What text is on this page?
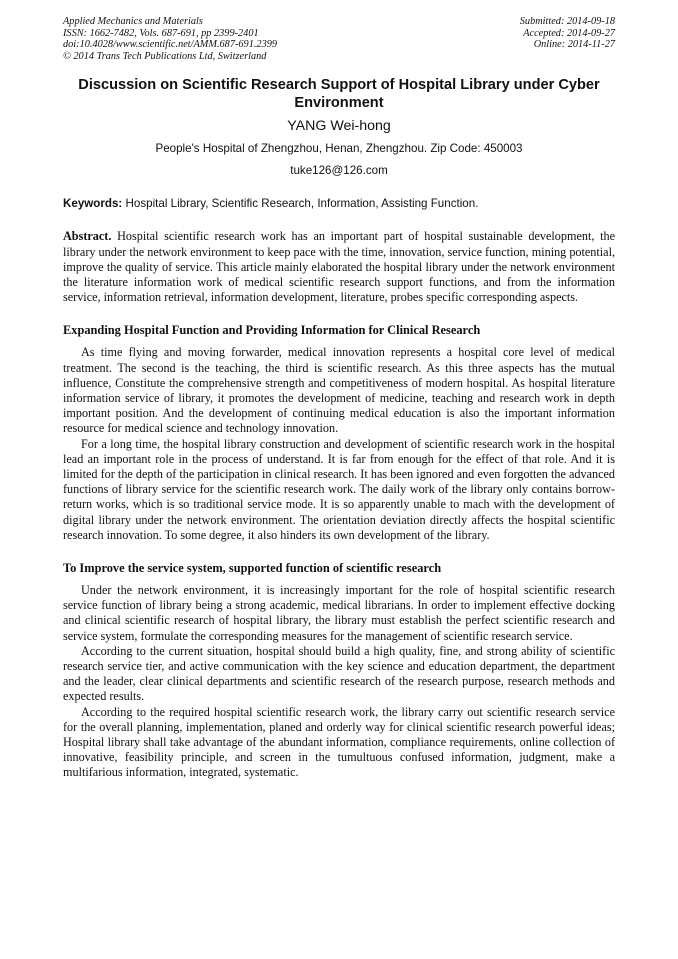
Applied Mechanics and Materials
ISSN: 1662-7482, Vols. 687-691, pp 2399-2401
doi:10.4028/www.scientific.net/AMM.687-691.2399
© 2014 Trans Tech Publications Ltd, Switzerland
Submitted: 2014-09-18
Accepted: 2014-09-27
Online: 2014-11-27
Discussion on Scientific Research Support of Hospital Library under Cyber Environment
YANG Wei-hong
People's Hospital of Zhengzhou, Henan, Zhengzhou. Zip Code: 450003
tuke126@126.com
Keywords: Hospital Library, Scientific Research, Information, Assisting Function.
Abstract. Hospital scientific research work has an important part of hospital sustainable development, the library under the network environment to keep pace with the time, innovation, service function, mining potential, improve the quality of service. This article mainly elaborated the hospital library under the network environment the literature information work of medical scientific research support functions, and from the information service, information retrieval, information development, literature, probes specific corresponding aspects.
Expanding Hospital Function and Providing Information for Clinical Research

As time flying and moving forwarder, medical innovation represents a hospital core level of medical treatment. The second is the teaching, the third is scientific research. As this three aspects has the mutual influence, Constitute the comprehensive strength and competitiveness of modern hospital. As hospital literature information service of library, it promotes the development of medicine, teaching and research work in depth important position. And the development of continuing medical education is also the important information resource for medical science and technology innovation.

For a long time, the hospital library construction and development of scientific research work in the hospital lead an important role in the process of understand. It is far from enough for the effect of that role. And it is limited for the depth of the participation in clinical research. It has been ignored and even forgotten the advanced functions of library service for the scientific research work. The daily work of the library only contains borrow-return works, which is so traditional service mode. It is so apparently unable to mach with the development of digital library under the network environment. The orientation deviation directly affects the hospital scientific research innovation. To some degree, it also hinders its own development of the library.

To Improve the service system, supported function of scientific research

Under the network environment, it is increasingly important for the role of hospital scientific research service function of library being a strong academic, medical librarians. In order to implement effective docking and clinical scientific research of hospital library, the library must establish the perfect scientific research and service system, formulate the corresponding measures for the management of scientific research service.

According to the current situation, hospital should build a high quality, fine, and strong ability of scientific research service tier, and active communication with the key science and education department, the department and the leader, clear clinical departments and scientific research of the research purpose, research methods and expected results.

According to the required hospital scientific research work, the library carry out scientific research service for the overall planning, implementation, planed and orderly way for clinical scientific research powerful ideas; Hospital library shall take advantage of the abundant information, compliance requirements, online collection of innovative, feasibility principle, and screen in the tumultuous confused information, judgment, make a multifarious information, integrated, systematic.
